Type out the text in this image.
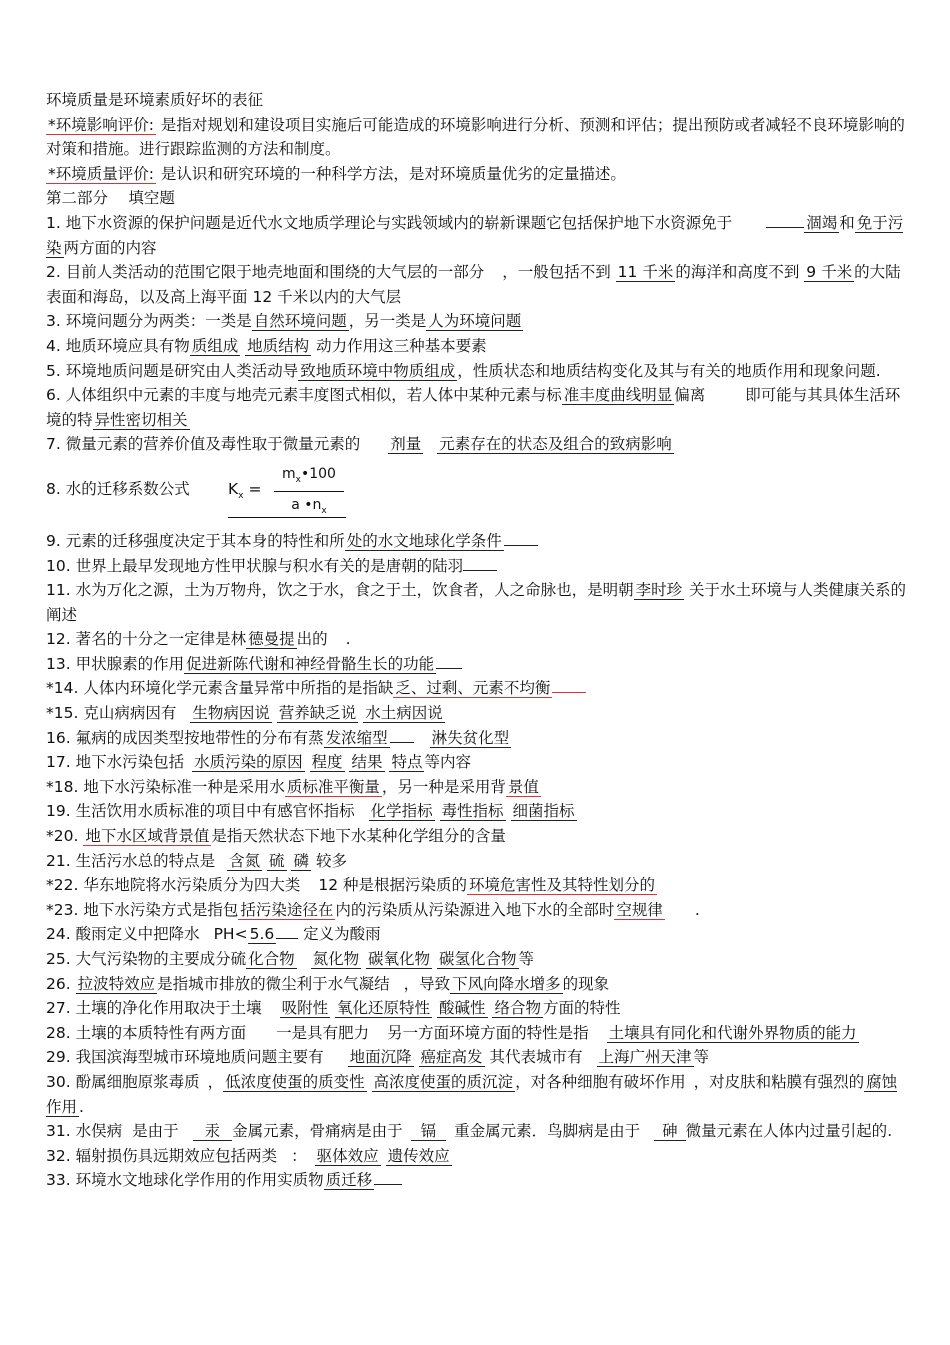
环境质量是环境素质好坏的表征

*环境影响评价: 是指对规划和建设项目实施后可能造成的环境影响进行分析、预测和评估；提出预防或者减轻不良环境影响的对策和措施。进行跟踪监测的方法和制度。

*环境质量评价: 是认识和研究环境的一种科学方法，是对环境质量优劣的定量描述。

第二部分　 填空题

1. 地下水资源的保护问题是近代水文地质学理论与实践领域内的崭新课题它包括保护地下水资源免于	涸竭 和 免于污染 两方面的内容

2. 目前人类活动的范围它限于地壳地面和围绕的大气层的一部分 ，一般包括不到 11 千米 的海洋和高度不到 9 千米 的大陆表面和海岛，以及高上海平面 12 千米以内的大气层

3. 环境问题分为两类：一类是 自然环境问题 ，另一类是 人为环境问题

4. 地质环境应具有物 质组成 地质结构 动力作用这三种基本要素

5. 环境地质问题是研究由人类活动导 致地质环境中物质组成 ，性质状态和地质结构变化及其与有关的地质作用和现象问题.

6. 人体组织中元素的丰度与地壳元素丰度图式相似，若人体中某种元素与标 准丰度曲线明显 偏离	即可能与其具体生活环境的特 异性密切相关

7. 微量元素的营养价值及毒性取于微量元素的 剂量 元素存在的状态及组合的致病影响

8. 水的迁移系数公式 $K_x = \frac{m_x•100}{a •n_x}$

9. 元素的迁移强度决定于其本身的特性和所 处的水文地球化学条件

10. 世界上最早发现地方性甲状腺与积水有关的是唐朝的陆羽

11. 水为万化之源，土为万物舟，饮之于水，食之于土，饮食者，人之命脉也，是明朝 李时珍 关于水土环境与人类健康关系的阐述

12. 著名的十分之一定律是林 德曼提 出的 .

13. 甲状腺素的作用 促进新陈代谢和神经骨骼生长的功能

*14. 人体内环境化学元素含量异常中所指的是指缺 乏、过剩、元素不均衡

*15. 克山病病因有 生物病因说 营养缺乏说 水土病因说

16. 氟病的成因类型按地带性的分布有蒸 发浓缩型	淋失贫化型

17. 地下水污染包括 水质污染的原因 程度 结果 特点 等内容

*18. 地下水污染标准一种是采用水 质标准平衡量 ，另一种是采用背 景值

19. 生活饮用水质标准的项目中有感官怀指标 化学指标 毒性指标 细菌指标

*20. 地下水区域背景值 是指天然状态下地下水某种化学组分的含量

21. 生活污水总的特点是 含氮 硫 磷 较多

*22. 华东地院将水污染质分为四大类 12 种是根据污染质的 环境危害性及其特性划分的

*23. 地下水污染方式是指包 括污染途径在 内的污染质从污染源进入地下水的全部时 空规律 .

24. 酸雨定义中把降水 PH< 5.6 定义为酸雨

25. 大气污染物的主要成分硫 化合物 氮化物 碳氧化物 碳氢化合物 等

26. 拉波特效应 是指城市排放的微尘利于水气凝结 ，导致 下风向降水增多 的现象

27. 土壤的净化作用取决于土壤 吸附性 氧化还原特性 酸碱性 络合物 方面的特性

28. 土壤的本质特性有两方面 一是具有肥力 另一方面环境方面的特性是指 土壤具有同化和代谢外界物质的能力

29. 我国滨海型城市环境地质问题主要有 地面沉降 癌症高发 其代表城市有 上海广州天津 等

30. 酚属细胞原浆毒质 ， 低浓度使蛋的质变性 高浓度使蛋的质沉淀 ，对各种细胞有破坏作用 ，对皮肤和粘膜有强烈的 腐蚀作用 .

31. 水俣病 是由于 汞 金属元素，骨痛病是由于 镉 重金属元素．鸟脚病是由于 砷 微量元素在人体内过量引起的.

32. 辐射损伤具远期效应包括两类 ： 驱体效应 遗传效应

33. 环境水文地球化学作用的作用实质物 质迁移
